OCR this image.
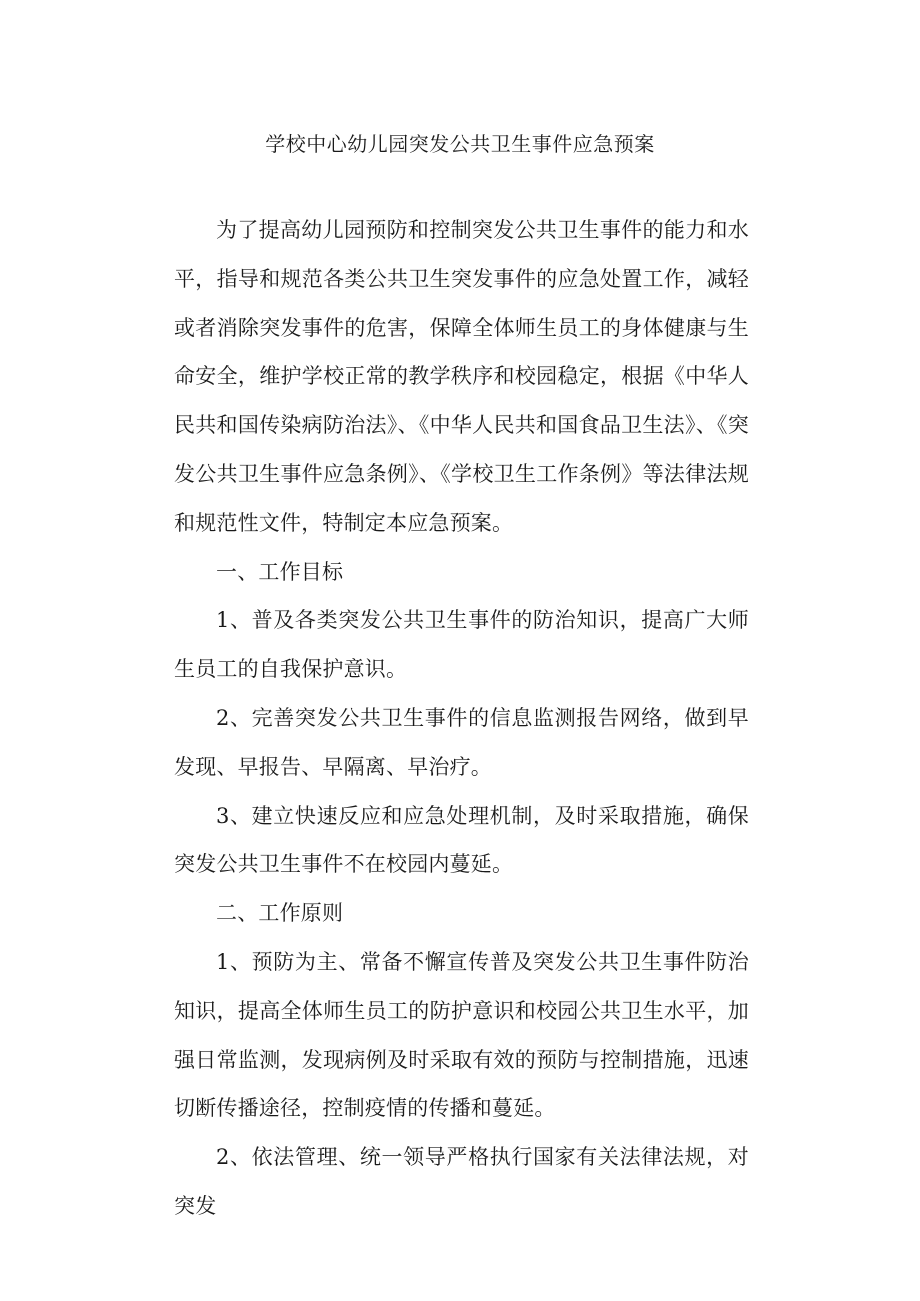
学校中心幼儿园突发公共卫生事件应急预案

为了提高幼儿园预防和控制突发公共卫生事件的能力和水平，指导和规范各类公共卫生突发事件的应急处置工作，减轻或者消除突发事件的危害，保障全体师生员工的身体健康与生命安全，维护学校正常的教学秩序和校园稳定，根据《中华人民共和国传染病防治法》、《中华人民共和国食品卫生法》、《突发公共卫生事件应急条例》、《学校卫生工作条例》等法律法规和规范性文件，特制定本应急预案。

一、工作目标

1、普及各类突发公共卫生事件的防治知识，提高广大师生员工的自我保护意识。

2、完善突发公共卫生事件的信息监测报告网络，做到早发现、早报告、早隔离、早治疗。

3、建立快速反应和应急处理机制，及时采取措施，确保突发公共卫生事件不在校园内蔓延。

二、工作原则

1、预防为主、常备不懈宣传普及突发公共卫生事件防治知识，提高全体师生员工的防护意识和校园公共卫生水平，加强日常监测，发现病例及时采取有效的预防与控制措施，迅速切断传播途径，控制疫情的传播和蔓延。

2、依法管理、统一领导严格执行国家有关法律法规，对突发
